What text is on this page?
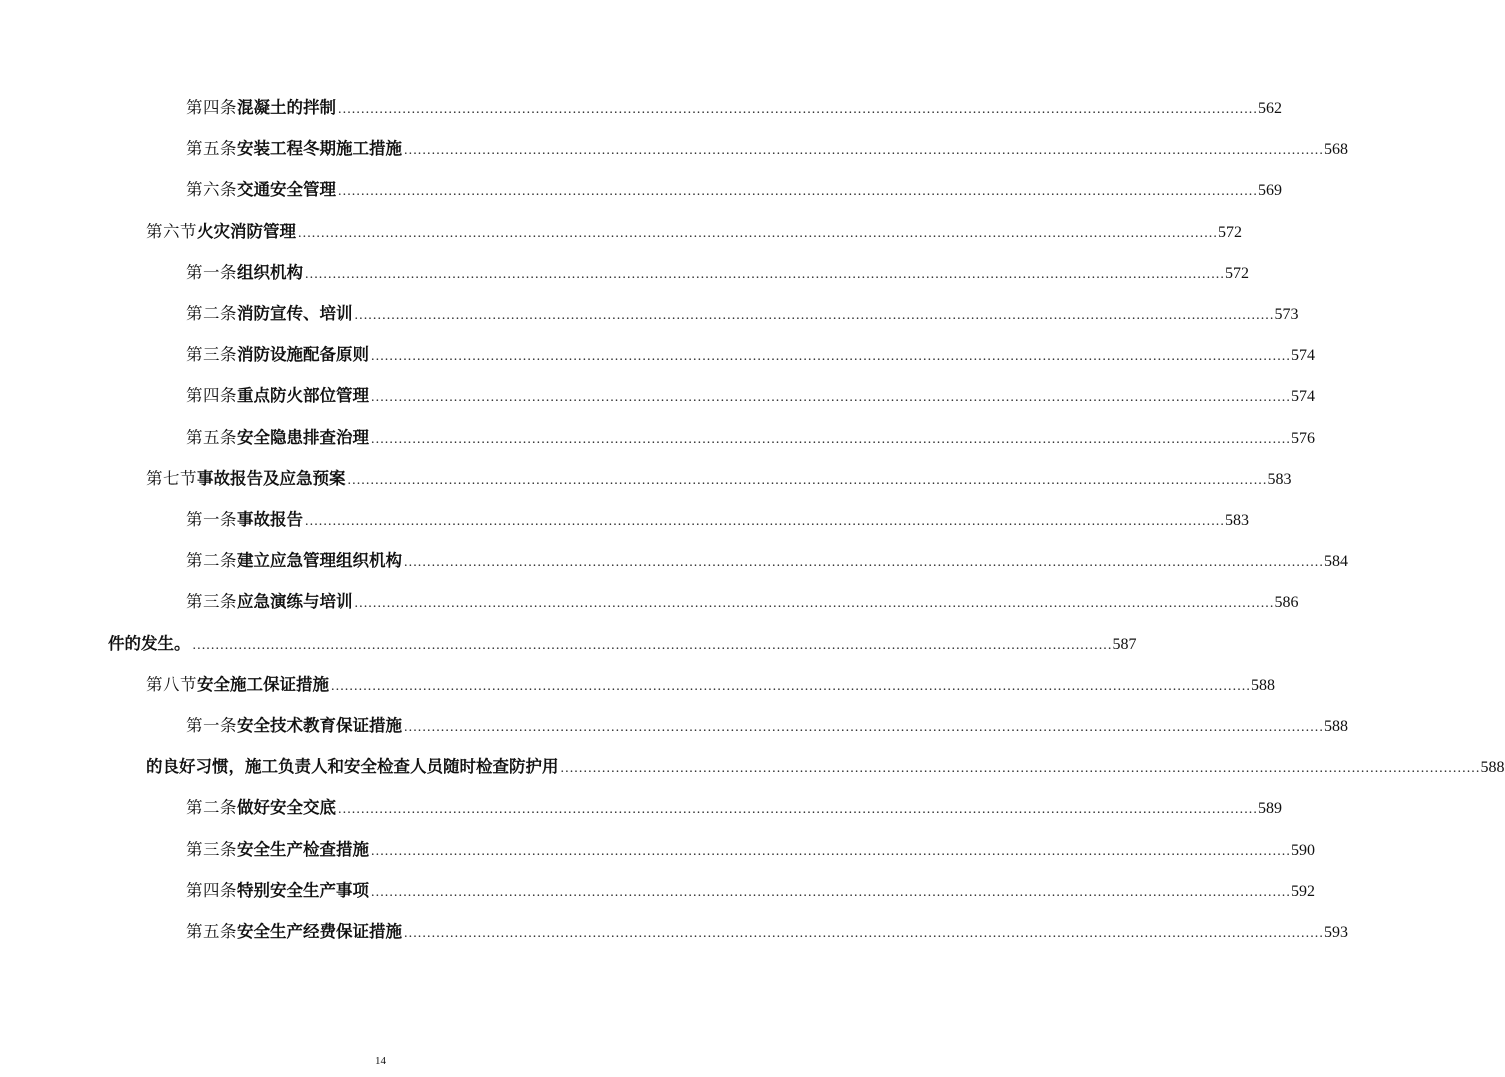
第四条 混凝土的拌制 ........................................................................................................................................................................................................ 562
第五条 安装工程冬期施工措施 ........................................................................................................................................................................................................ 568
第六条 交通安全管理 ........................................................................................................................................................................................................ 569
第六节 火灾消防管理 ........................................................................................................................................................................................................ 572
第一条 组织机构 ........................................................................................................................................................................................................ 572
第二条 消防宣传、培训 ........................................................................................................................................................................................................ 573
第三条 消防设施配备原则 ........................................................................................................................................................................................................ 574
第四条 重点防火部位管理 ........................................................................................................................................................................................................ 574
第五条 安全隐患排查治理 ........................................................................................................................................................................................................ 576
第七节 事故报告及应急预案 ........................................................................................................................................................................................................ 583
第一条 事故报告 ........................................................................................................................................................................................................ 583
第二条 建立应急管理组织机构 ........................................................................................................................................................................................................ 584
第三条 应急演练与培训 ........................................................................................................................................................................................................ 586
件的发生。 ........................................................................................................................................................................................................ 587
第八节 安全施工保证措施 ........................................................................................................................................................................................................ 588
第一条 安全技术教育保证措施 ........................................................................................................................................................................................................ 588
的良好习惯，施工负责人和安全检查人员随时检查防护用 ........................................................................................................................................................................................................ 588
第二条 做好安全交底 ........................................................................................................................................................................................................ 589
第三条 安全生产检查措施 ........................................................................................................................................................................................................ 590
第四条 特别安全生产事项 ........................................................................................................................................................................................................ 592
第五条 安全生产经费保证措施 ........................................................................................................................................................................................................ 593
14
